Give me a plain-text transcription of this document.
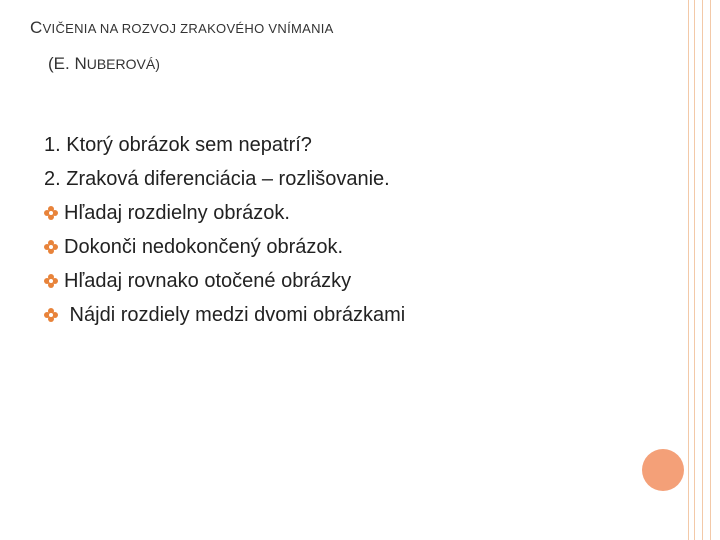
CVIČENIA NA ROZVOJ ZRAKOVÉHO VNÍMANIA
(E. NUBEROVÁ)
1. Ktorý obrázok sem nepatrí?
2. Zraková diferenciácia – rozlišovanie.
Hľadaj rozdielny obrázok.
Dokonči nedokončený obrázok.
Hľadaj rovnako otočené obrázky
Nájdi rozdiely medzi dvomi obrázkami
